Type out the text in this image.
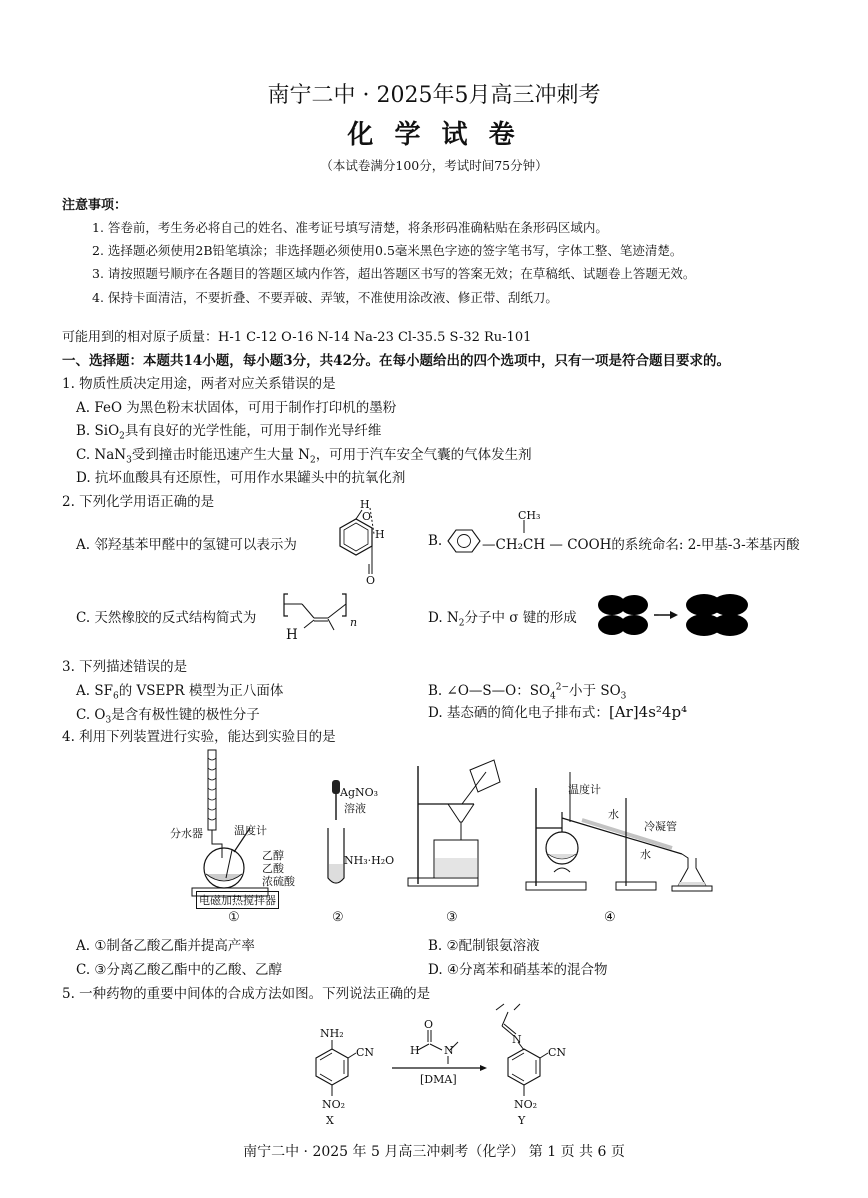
南宁二中 · 2025年5月高三冲刺考
化 学 试 卷
（本试卷满分100分，考试时间75分钟）
注意事项：
1. 答卷前，考生务必将自己的姓名、准考证号填写清楚，将条形码准确粘贴在条形码区域内。
2. 选择题必须使用2B铅笔填涂；非选择题必须使用0.5毫米黑色字迹的签字笔书写，字体工整、笔迹清楚。
3. 请按照题号顺序在各题目的答题区域内作答，超出答题区书写的答案无效；在草稿纸、试题卷上答题无效。
4. 保持卡面清洁，不要折叠、不要弄破、弄皱，不准使用涂改液、修正带、刮纸刀。
可能用到的相对原子质量：H-1 C-12 O-16 N-14 Na-23 Cl-35.5 S-32 Ru-101
一、选择题：本题共14小题，每小题3分，共42分。在每小题给出的四个选项中，只有一项是符合题目要求的。
1. 物质性质决定用途，两者对应关系错误的是
A. FeO 为黑色粉末状固体，可用于制作打印机的墨粉
B. SiO$_2$具有良好的光学性能，可用于制作光导纤维
C. NaN$_3$受到撞击时能迅速产生大量 $N_2$，可用于汽车安全气囊的气体发生剂
D. 抗坏血酸具有还原性，可用作水果罐头中的抗氧化剂
2. 下列化学用语正确的是
A. 邻羟基苯甲醛中的氢键可以表示为
H
O
H
O
B.	—CH₂CH — COOH的系统命名: 2-甲基-3-苯基丙酸
CH₃
C. 天然橡胶的反式结构简式为	n
H
D. $N_2$分子中 σ 键的形成
3. 下列描述错误的是
A. $SF_6$的 VSEPR 模型为正八面体	B. ∠O—S—O：$SO_4^{2-}$小于 $SO_3$
C. $O_3$是含有极性键的极性分子	D. 基态硒的简化电子排布式：[Ar]4s²4p⁴
4. 利用下列装置进行实验，能达到实验目的是
分水器	温度计
乙醇
乙酸
浓硫酸
电磁加热搅拌器
①
AgNO₃
溶液
NH₃·H₂O
②	③
温度计
水
冷凝管
水
④
A. ①制备乙酸乙酯并提高产率	B. ②配制银氨溶液
C. ③分离乙酸乙酯中的乙酸、乙醇	D. ④分离苯和硝基苯的混合物
5. 一种药物的重要中间体的合成方法如图。下列说法正确的是
NH₂
CN
NO₂
X
O
H N
[DMA]
N
CN
NO₂
Y
南宁二中 · 2025 年 5 月高三冲刺考（化学） 第 1 页 共 6 页
